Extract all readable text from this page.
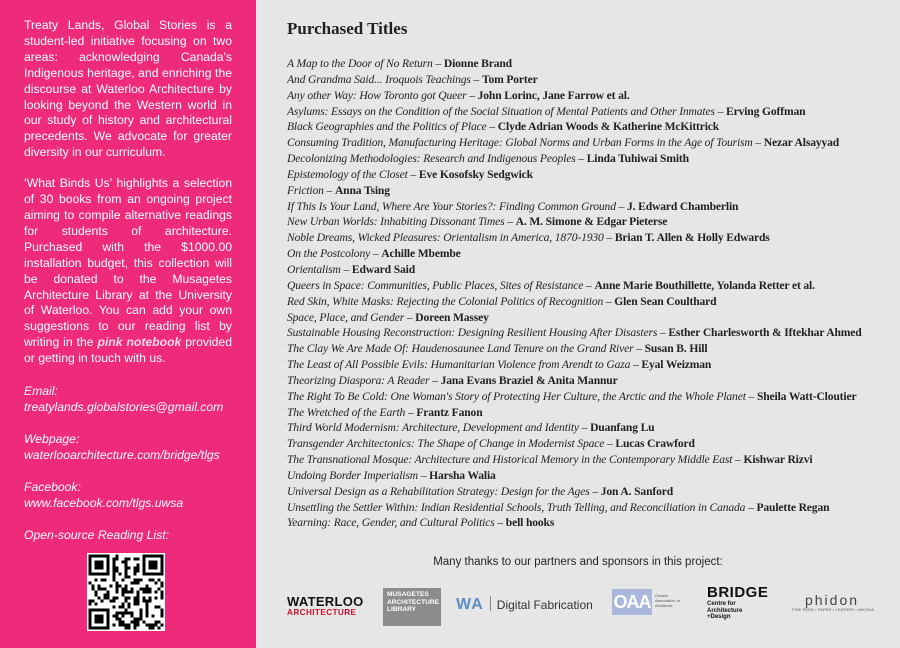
Treaty Lands, Global Stories is a student-led initiative focusing on two areas: acknowledging Canada's Indigenous heritage, and enriching the discourse at Waterloo Architecture by looking beyond the Western world in our study of history and architectural precedents. We advocate for greater diversity in our curriculum.

‘What Binds Us’ highlights a selection of 30 books from an ongoing project aiming to compile alternative readings for students of architecture. Purchased with the $1000.00 installation budget, this collection will be donated to the Musagetes Architecture Library at the University of Waterloo. You can add your own suggestions to our reading list by writing in the pink notebook provided or getting in touch with us.

Email:
treatylands.globalstories@gmail.com
Webpage:
waterlooarchitecture.com/bridge/tlgs
Facebook:
www.facebook.com/tlgs.uwsa
Open-source Reading List:
Purchased Titles
A Map to the Door of No Return – Dionne Brand
And Grandma Said... Iroquois Teachings – Tom Porter
Any other Way: How Toronto got Queer – John Lorinc, Jane Farrow et al.
Asylums: Essays on the Condition of the Social Situation of Mental Patients and Other Inmates – Erving Goffman
Black Geographies and the Politics of Place – Clyde Adrian Woods & Katherine McKittrick
Consuming Tradition, Manufacturing Heritage: Global Norms and Urban Forms in the Age of Tourism – Nezar Alsayyad
Decolonizing Methodologies: Research and Indigenous Peoples – Linda Tuhiwai Smith
Epistemology of the Closet – Eve Kosofsky Sedgwick
Friction – Anna Tsing
If This Is Your Land, Where Are Your Stories?: Finding Common Ground – J. Edward Chamberlin
New Urban Worlds: Inhabiting Dissonant Times – A. M. Simone & Edgar Pieterse
Noble Dreams, Wicked Pleasures: Orientalism in America, 1870-1930 – Brian T. Allen & Holly Edwards
On the Postcolony – Achille Mbembe
Orientalism – Edward Said
Queers in Space: Communities, Public Places, Sites of Resistance – Anne Marie Bouthillette, Yolanda Retter et al.
Red Skin, White Masks: Rejecting the Colonial Politics of Recognition – Glen Sean Coulthard
Space, Place, and Gender – Doreen Massey
Sustainable Housing Reconstruction: Designing Resilient Housing After Disasters – Esther Charlesworth & Iftekhar Ahmed
The Clay We Are Made Of: Haudenosaunee Land Tenure on the Grand River – Susan B. Hill
The Least of All Possible Evils: Humanitarian Violence from Arendt to Gaza – Eyal Weizman
Theorizing Diaspora: A Reader – Jana Evans Braziel & Anita Mannur
The Right To Be Cold: One Woman's Story of Protecting Her Culture, the Arctic and the Whole Planet – Sheila Watt-Cloutier
The Wretched of the Earth – Frantz Fanon
Third World Modernism: Architecture, Development and Identity – Duanfang Lu
Transgender Architectonics: The Shape of Change in Modernist Space – Lucas Crawford
The Transnational Mosque: Architecture and Historical Memory in the Contemporary Middle East – Kishwar Rizvi
Undoing Border Imperialism – Harsha Walia
Universal Design as a Rehabilitation Strategy: Design for the Ages – Jon A. Sanford
Unsettling the Settler Within: Indian Residential Schools, Truth Telling, and Reconciliation in Canada – Paulette Regan
Yearning: Race, Gender, and Cultural Politics – bell hooks
Many thanks to our partners and sponsors in this project:
WATERLOO
ARCHITECTURE
MUSAGETES ARCHITECTURE LIBRARY	WA Digital Fabrication OAA	Ontario Association of Architects
BRIDGE
Centre for Architecture +Design
phidon
FINE PENS • PAPER • LEATHER • NIKONA
